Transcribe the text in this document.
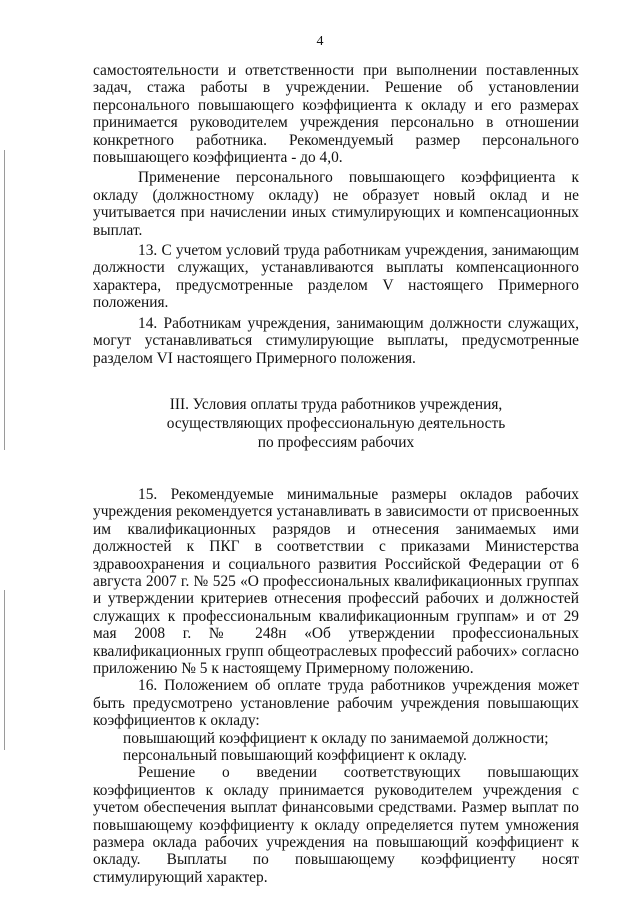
4

самостоятельности и ответственности при выполнении поставленных задач, стажа работы в учреждении. Решение об установлении персонального повышающего коэффициента к окладу и его размерах принимается руководителем учреждения персонально в отношении конкретного работника. Рекомендуемый размер персонального повышающего коэффициента - до 4,0.

Применение персонального повышающего коэффициента к окладу (должностному окладу) не образует новый оклад и не учитывается при начислении иных стимулирующих и компенсационных выплат.

13. С учетом условий труда работникам учреждения, занимающим должности служащих, устанавливаются выплаты компенсационного характера, предусмотренные разделом V настоящего Примерного положения.

14. Работникам учреждения, занимающим должности служащих, могут устанавливаться стимулирующие выплаты, предусмотренные разделом VI настоящего Примерного положения.

III. Условия оплаты труда работников учреждения,
осуществляющих профессиональную деятельность
по профессиям рабочих

15. Рекомендуемые минимальные размеры окладов рабочих учреждения рекомендуется устанавливать в зависимости от присвоенных им квалификационных разрядов и отнесения занимаемых ими должностей к ПКГ в соответствии с приказами Министерства здравоохранения и социального развития Российской Федерации от 6 августа 2007 г. № 525 «О профессиональных квалификационных группах и утверждении критериев отнесения профессий рабочих и должностей служащих к профессиональным квалификационным группам» и от 29 мая 2008 г. № 248н «Об утверждении профессиональных квалификационных групп общеотраслевых профессий рабочих» согласно приложению № 5 к настоящему Примерному положению.

16. Положением об оплате труда работников учреждения может быть предусмотрено установление рабочим учреждения повышающих коэффициентов к окладу:

повышающий коэффициент к окладу по занимаемой должности;

персональный повышающий коэффициент к окладу.

Решение о введении соответствующих повышающих коэффициентов к окладу принимается руководителем учреждения с учетом обеспечения выплат финансовыми средствами. Размер выплат по повышающему коэффициенту к окладу определяется путем умножения размера оклада рабочих учреждения на повышающий коэффициент к окладу. Выплаты по повышающему коэффициенту носят стимулирующий характер.
